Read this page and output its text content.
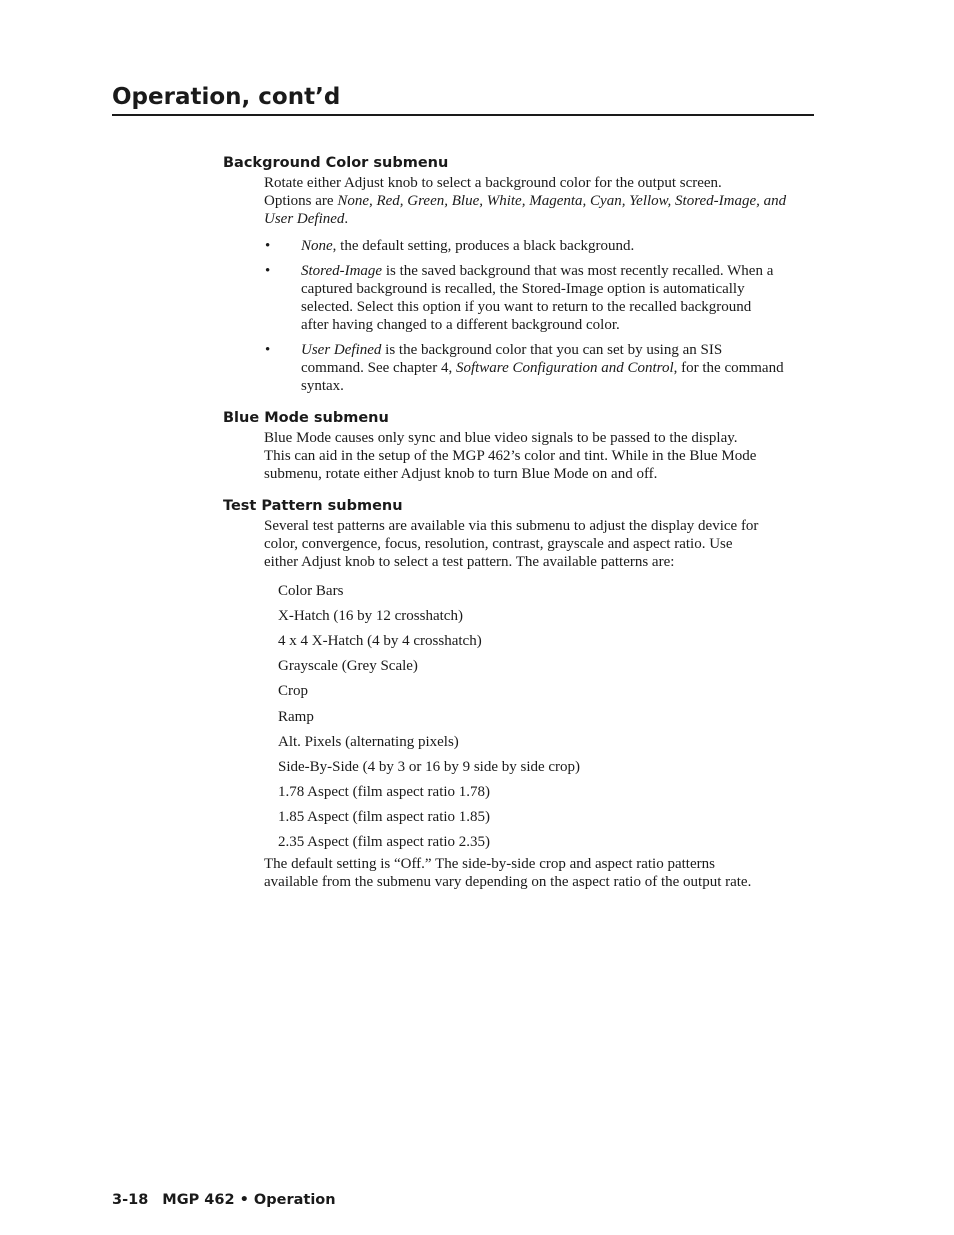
Operation, cont’d
Background Color submenu
Rotate either Adjust knob to select a background color for the output screen.
Options are None, Red, Green, Blue, White, Magenta, Cyan, Yellow, Stored-Image, and
User Defined.
• None, the default setting, produces a black background.
• Stored-Image is the saved background that was most recently recalled. When a
captured background is recalled, the Stored-Image option is automatically
selected. Select this option if you want to return to the recalled background
after having changed to a different background color.
• User Defined is the background color that you can set by using an SIS
command. See chapter 4, Software Configuration and Control, for the command
syntax.
Blue Mode submenu
Blue Mode causes only sync and blue video signals to be passed to the display.
This can aid in the setup of the MGP 462’s color and tint. While in the Blue Mode
submenu, rotate either Adjust knob to turn Blue Mode on and off.
Test Pattern submenu
Several test patterns are available via this submenu to adjust the display device for
color, convergence, focus, resolution, contrast, grayscale and aspect ratio. Use
either Adjust knob to select a test pattern. The available patterns are:
Color Bars
X-Hatch (16 by 12 crosshatch)
4 x 4 X-Hatch (4 by 4 crosshatch)
Grayscale (Grey Scale)
Crop
Ramp
Alt. Pixels (alternating pixels)
Side-By-Side (4 by 3 or 16 by 9 side by side crop)
1.78 Aspect (film aspect ratio 1.78)
1.85 Aspect (film aspect ratio 1.85)
2.35 Aspect (film aspect ratio 2.35)
The default setting is “Off.” The side-by-side crop and aspect ratio patterns
available from the submenu vary depending on the aspect ratio of the output rate.
3-18 MGP 462 • Operation
